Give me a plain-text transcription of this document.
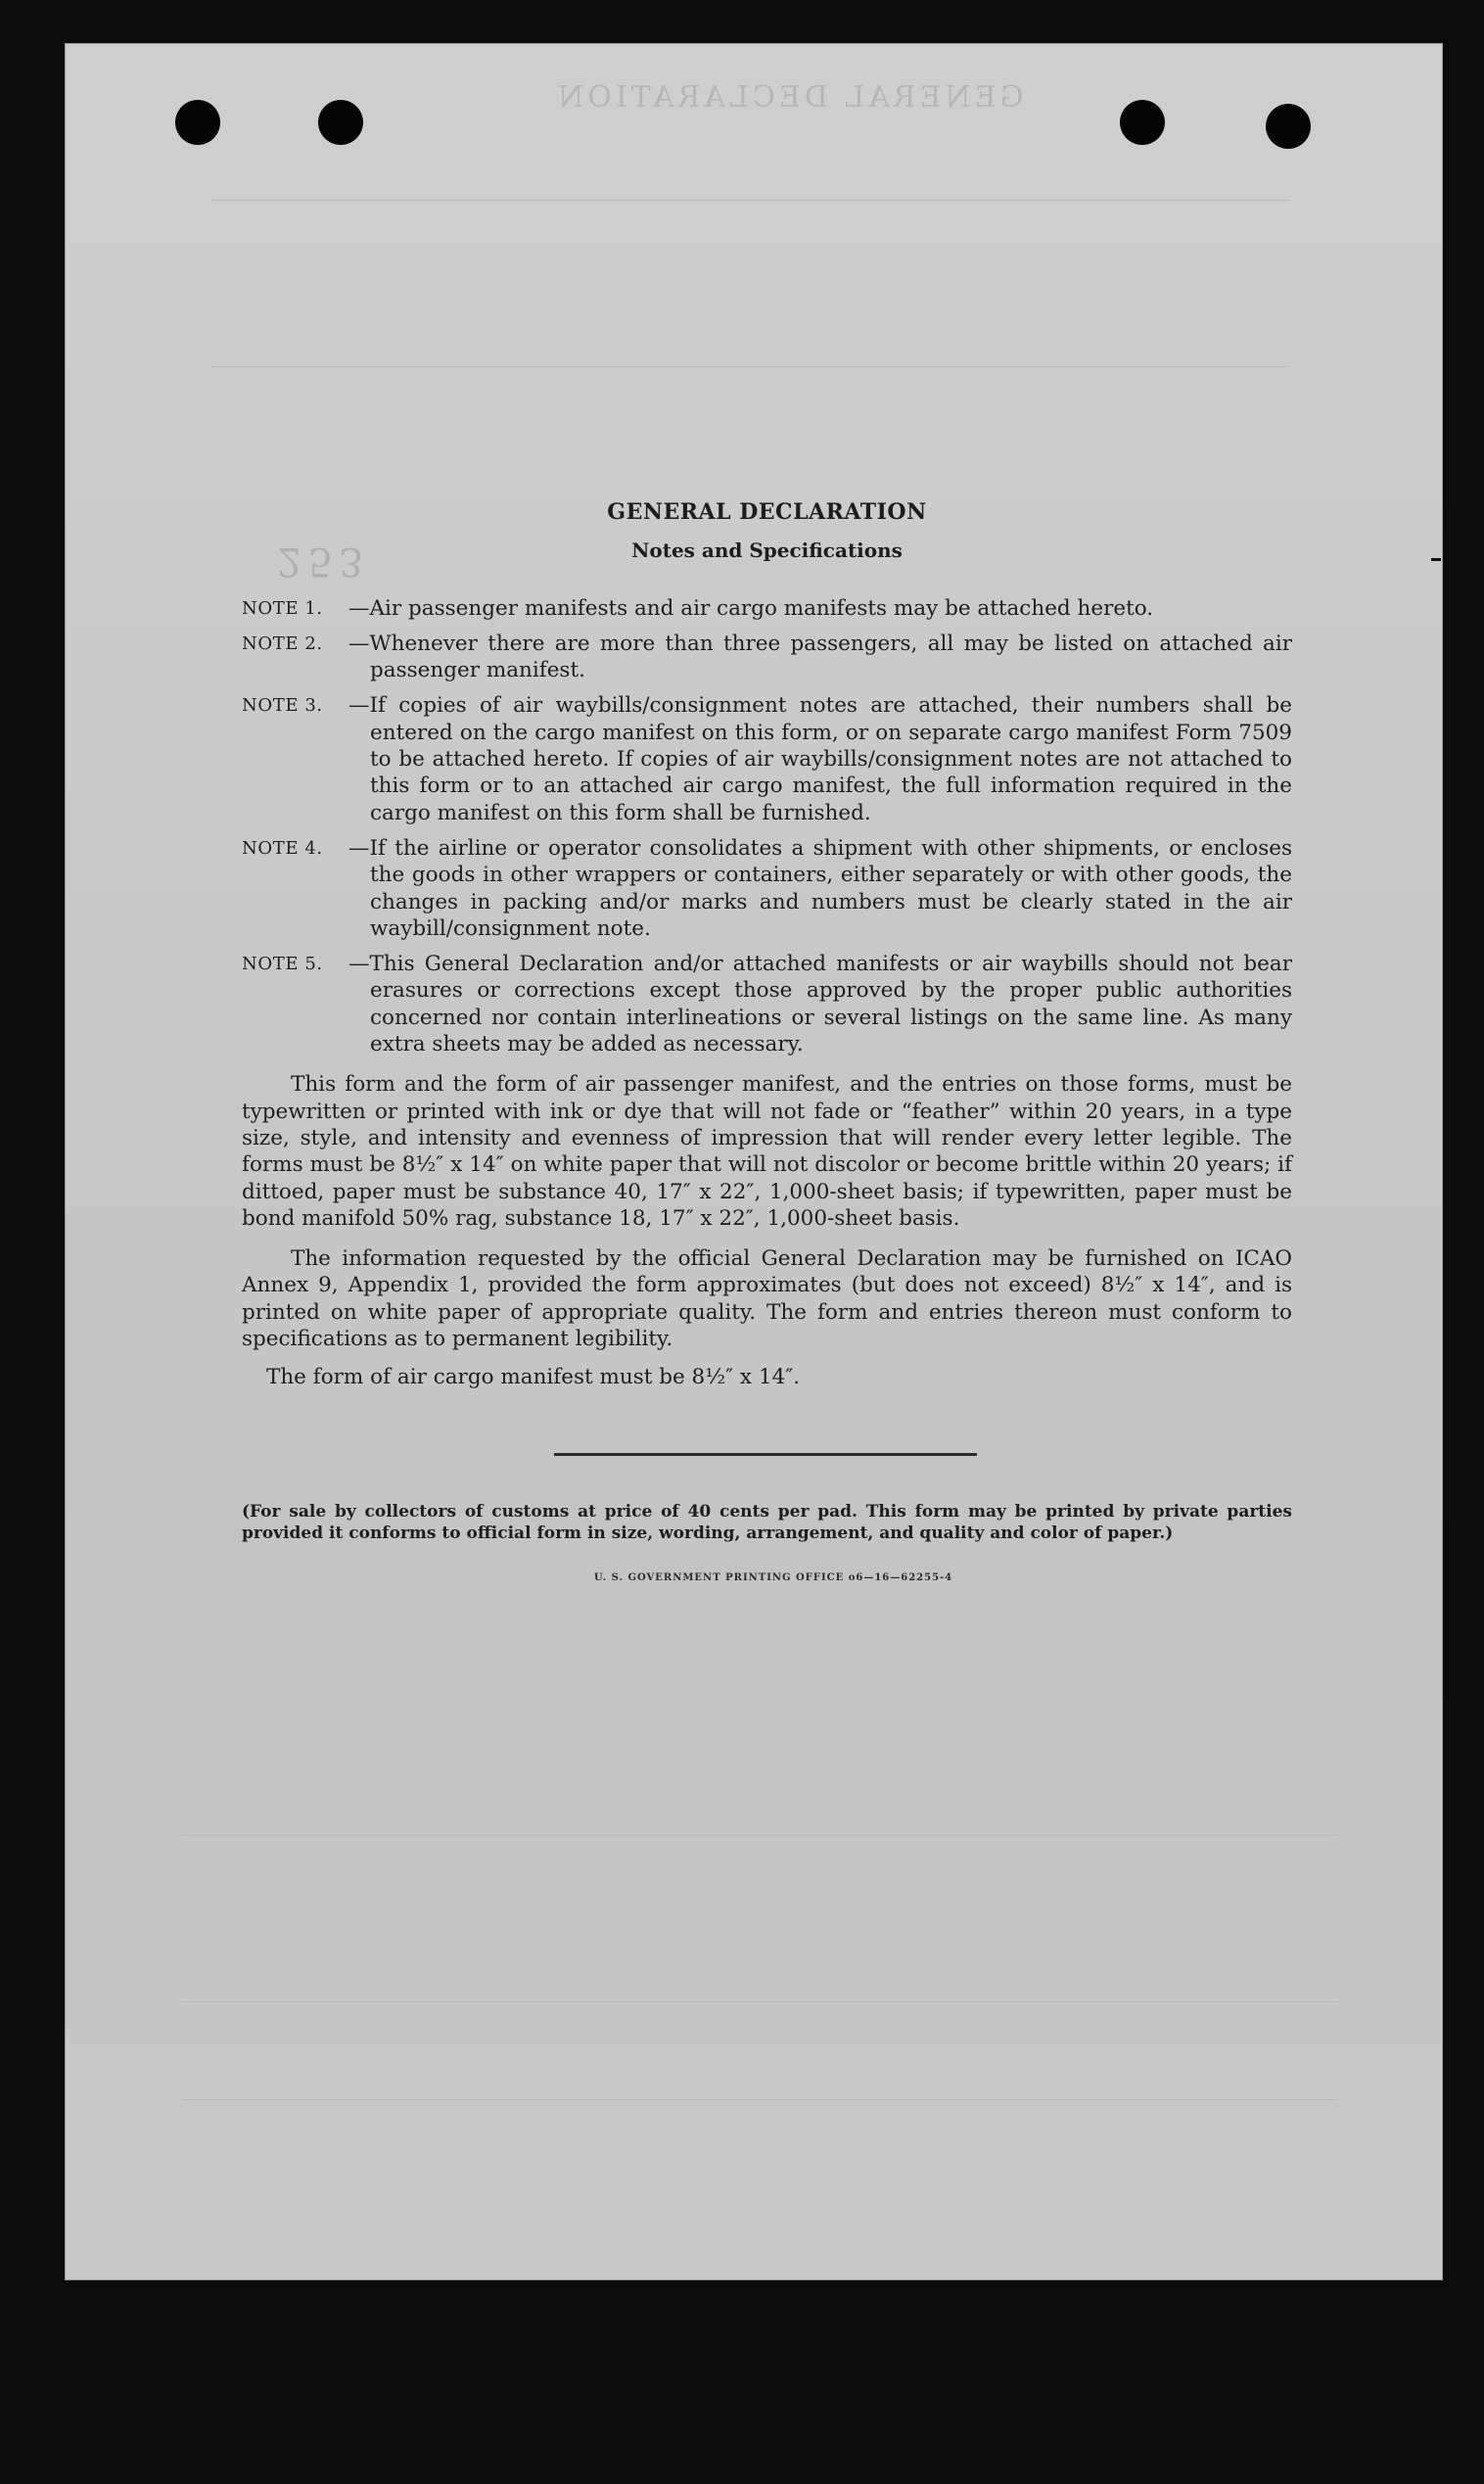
GENERAL DECLARATION
253
GENERAL DECLARATION
Notes and Specifications
NOTE 1.	—Air passenger manifests and air cargo manifests may be attached hereto.
NOTE 2.	—Whenever there are more than three passengers, all may be listed on attached air passenger manifest.
NOTE 3.	—If copies of air waybills/consignment notes are attached, their numbers shall be entered on the cargo manifest on this form, or on separate cargo manifest Form 7509 to be attached hereto. If copies of air waybills/consignment notes are not attached to this form or to an attached air cargo manifest, the full information required in the cargo manifest on this form shall be furnished.
NOTE 4.	—If the airline or operator consolidates a shipment with other shipments, or encloses the goods in other wrappers or containers, either separately or with other goods, the changes in packing and/or marks and numbers must be clearly stated in the air waybill/consignment note.
NOTE 5.	—This General Declaration and/or attached manifests or air waybills should not bear erasures or corrections except those approved by the proper public authorities concerned nor contain interlineations or several listings on the same line. As many extra sheets may be added as necessary.

This form and the form of air passenger manifest, and the entries on those forms, must be typewritten or printed with ink or dye that will not fade or “feather” within 20 years, in a type size, style, and intensity and evenness of impression that will render every letter legible. The forms must be 8½″ x 14″ on white paper that will not discolor or become brittle within 20 years; if dittoed, paper must be substance 40, 17″ x 22″, 1,000-sheet basis; if typewritten, paper must be bond manifold 50% rag, substance 18, 17″ x 22″, 1,000-sheet basis.

The information requested by the official General Declaration may be furnished on ICAO Annex 9, Appendix 1, provided the form approximates (but does not exceed) 8½″ x 14″, and is printed on white paper of appropriate quality. The form and entries thereon must conform to specifications as to permanent legibility.

The form of air cargo manifest must be 8½″ x 14″.

(For sale by collectors of customs at price of 40 cents per pad. This form may be printed by private parties provided it conforms to official form in size, wording, arrangement, and quality and color of paper.)
U. S. GOVERNMENT PRINTING OFFICE o6—16—62255-4
